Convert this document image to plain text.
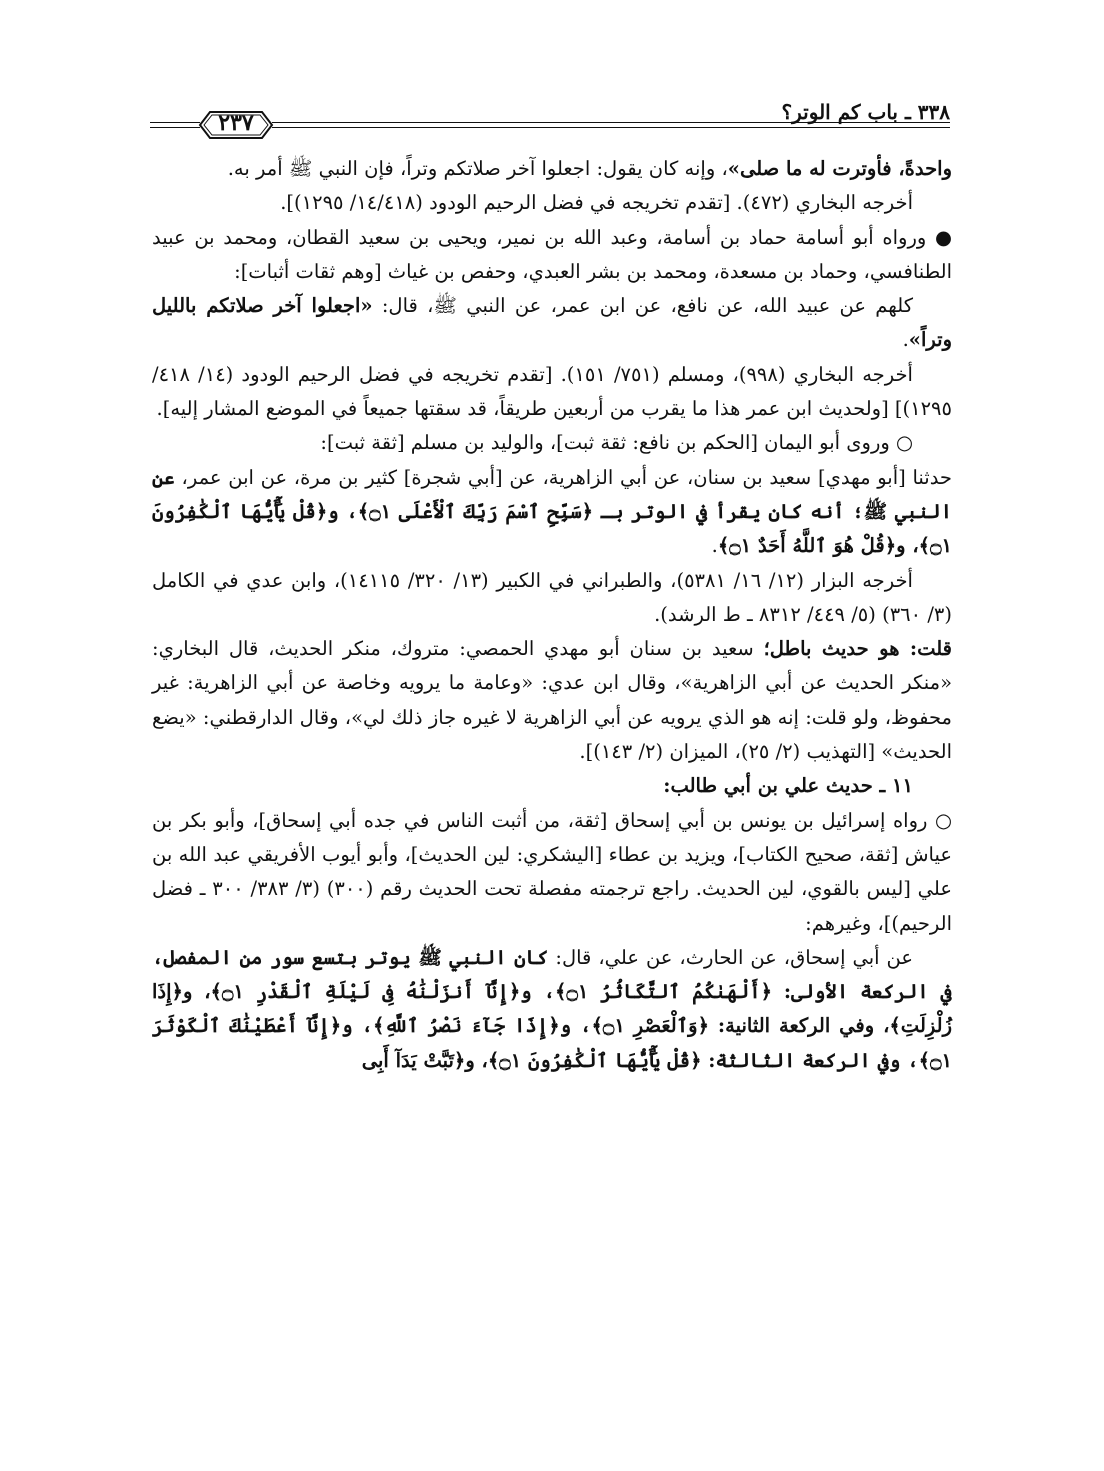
٢٣٧	٣٣٨ ـ باب كم الوتر؟

واحدةً، فأوترت له ما صلى»، وإنه كان يقول: اجعلوا آخر صلاتكم وتراً، فإن النبي ﷺ أمر به.

أخرجه البخاري (٤٧٢). [تقدم تخريجه في فضل الرحيم الودود (١٤/٤١٨/ ١٢٩٥)].

● ورواه أبو أسامة حماد بن أسامة، وعبد الله بن نمير، ويحيى بن سعيد القطان، ومحمد بن عبيد الطنافسي، وحماد بن مسعدة، ومحمد بن بشر العبدي، وحفص بن غياث [وهم ثقات أثبات]:

كلهم عن عبيد الله، عن نافع، عن ابن عمر، عن النبي ﷺ، قال: «اجعلوا آخر صلاتكم بالليل وتراً».

أخرجه البخاري (٩٩٨)، ومسلم (٧٥١/ ١٥١). [تقدم تخريجه في فضل الرحيم الودود (١٤/ ٤١٨/ ١٢٩٥)] [ولحديث ابن عمر هذا ما يقرب من أربعين طريقاً، قد سقتها جميعاً في الموضع المشار إليه].

○ وروى أبو اليمان [الحكم بن نافع: ثقة ثبت]، والوليد بن مسلم [ثقة ثبت]:

حدثنا [أبو مهدي] سعيد بن سنان، عن أبي الزاهرية، عن [أبي شجرة] كثير بن مرة، عن ابن عمر، عن النبي ﷺ؛ أنه كان يقرأ في الوتر بـ ﴿سَبِّحِ ٱسْمَ رَبِّكَ ٱلْأَعْلَى ۝١﴾، و﴿قُلْ يَٰٓأَيُّهَا ٱلْكَٰفِرُونَ ۝١﴾، و﴿قُلْ هُوَ ٱللَّهُ أَحَدٌ ۝١﴾.

أخرجه البزار (١٢/ ١٦/ ٥٣٨١)، والطبراني في الكبير (١٣/ ٣٢٠/ ١٤١١٥)، وابن عدي في الكامل (٣/ ٣٦٠) (٥/ ٤٤٩/ ٨٣١٢ ـ ط الرشد).

قلت: هو حديث باطل؛ سعيد بن سنان أبو مهدي الحمصي: متروك، منكر الحديث، قال البخاري: «منكر الحديث عن أبي الزاهرية»، وقال ابن عدي: «وعامة ما يرويه وخاصة عن أبي الزاهرية: غير محفوظ، ولو قلت: إنه هو الذي يرويه عن أبي الزاهرية لا غيره جاز ذلك لي»، وقال الدارقطني: «يضع الحديث» [التهذيب (٢/ ٢٥)، الميزان (٢/ ١٤٣)].

١١ ـ حديث علي بن أبي طالب:

○ رواه إسرائيل بن يونس بن أبي إسحاق [ثقة، من أثبت الناس في جده أبي إسحاق]، وأبو بكر بن عياش [ثقة، صحيح الكتاب]، ويزيد بن عطاء [اليشكري: لين الحديث]، وأبو أيوب الأفريقي عبد الله بن علي [ليس بالقوي، لين الحديث. راجع ترجمته مفصلة تحت الحديث رقم (٣٠٠) (٣/ ٣٨٣/ ٣٠٠ ـ فضل الرحيم)]، وغيرهم:

عن أبي إسحاق، عن الحارث، عن علي، قال: كان النبي ﷺ يوتر بتسع سور من المفصل، في الركعة الأولى: ﴿أَلْهَىٰكُمُ ٱلتَّكَاثُرُ ۝١﴾، و﴿إِنَّآ أَنزَلْنَٰهُ فِى لَيْلَةِ ٱلْقَدْرِ ۝١﴾، و﴿إِذَا زُلْزِلَتِ﴾، وفي الركعة الثانية: ﴿وَٱلْعَصْرِ ۝١﴾، و﴿إِذَا جَآءَ نَصْرُ ٱللَّهِ﴾، و﴿إِنَّآ أَعْطَيْنَٰكَ ٱلْكَوْثَرَ ۝١﴾، وفي الركعة الثالثة: ﴿قُلْ يَٰٓأَيُّهَا ٱلْكَٰفِرُونَ ۝١﴾، و﴿تَبَّتْ يَدَآ أَبِى
